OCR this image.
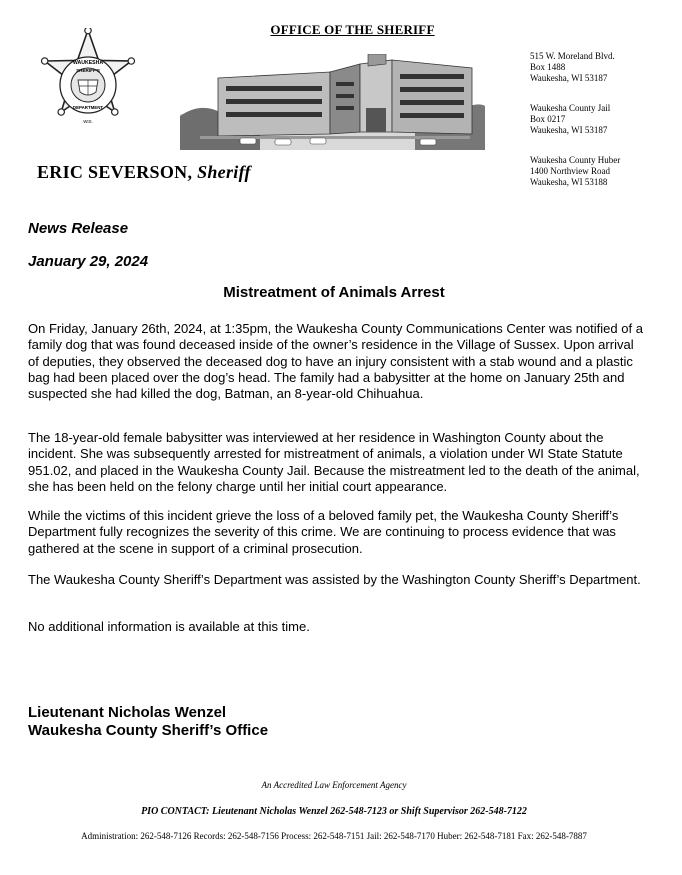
OFFICE OF THE SHERIFF
WAUKESHA
SHERIFF'S
DEPARTMENT
WIS.
ERIC SEVERSON, Sheriff
515 W. Moreland Blvd.
Box 1488
Waukesha, WI 53187
Waukesha County Jail
Box 0217
Waukesha, WI 53187
Waukesha County Huber
1400 Northview Road
Waukesha, WI 53188
News Release
January 29, 2024
Mistreatment of Animals Arrest

On Friday, January 26th, 2024, at 1:35pm, the Waukesha County Communications Center was notified of a family dog that was found deceased inside of the owner’s residence in the Village of Sussex. Upon arrival of deputies, they observed the deceased dog to have an injury consistent with a stab wound and a plastic bag had been placed over the dog’s head. The family had a babysitter at the home on January 25th and suspected she had killed the dog, Batman, an 8-year-old Chihuahua.

The 18-year-old female babysitter was interviewed at her residence in Washington County about the incident. She was subsequently arrested for mistreatment of animals, a violation under WI State Statute 951.02, and placed in the Waukesha County Jail. Because the mistreatment led to the death of the animal, she has been held on the felony charge until her initial court appearance.

While the victims of this incident grieve the loss of a beloved family pet, the Waukesha County Sheriff’s Department fully recognizes the severity of this crime. We are continuing to process evidence that was gathered at the scene in support of a criminal prosecution.

The Waukesha County Sheriff’s Department was assisted by the Washington County Sheriff’s Department.

No additional information is available at this time.

Lieutenant Nicholas Wenzel
Waukesha County Sheriff’s Office
An Accredited Law Enforcement Agency
PIO CONTACT: Lieutenant Nicholas Wenzel 262-548-7123 or Shift Supervisor 262-548-7122
Administration: 262-548-7126 Records: 262-548-7156 Process: 262-548-7151 Jail: 262-548-7170 Huber: 262-548-7181 Fax: 262-548-7887
